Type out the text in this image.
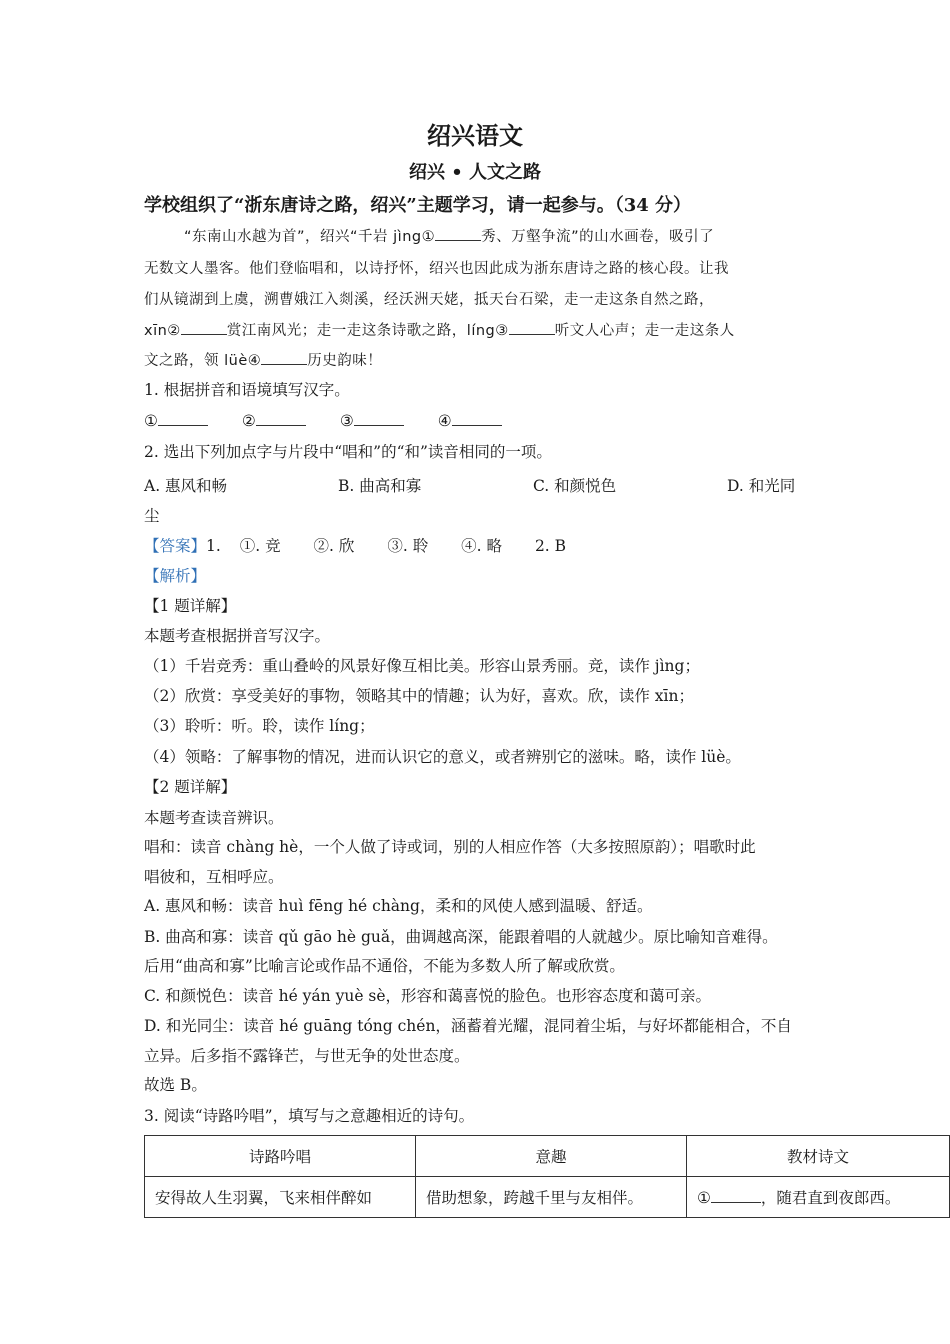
绍兴语文
绍兴 • 人文之路
学校组织了“浙东唐诗之路，绍兴”主题学习，请一起参与。（34 分）
“东南山水越为首”，绍兴“千岩 jìng①	秀、万壑争流”的山水画卷，吸引了
无数文人墨客。他们登临唱和，以诗抒怀，绍兴也因此成为浙东唐诗之路的核心段。让我
们从镜湖到上虞，溯曹娥江入剡溪，经沃洲天姥，抵天台石梁，走一走这条自然之路，
xīn②	赏江南风光；走一走这条诗歌之路，líng③	听文人心声；走一走这条人
文之路，领 lüè④	历史韵味！
1. 根据拼音和语境填写汉字。
①	②	③	④
2. 选出下列加点字与片段中“唱和”的“和”读音相同的一项。
A. 惠风和畅	B. 曲高和寡	C. 和颜悦色	D. 和光同
尘
【答案】1. ①. 竞 ②. 欣 ③. 聆 ④. 略 2. B
【解析】
【1 题详解】
本题考查根据拼音写汉字。
（1）千岩竞秀：重山叠岭的风景好像互相比美。形容山景秀丽。竞，读作 jìng；
（2）欣赏：享受美好的事物，领略其中的情趣；认为好，喜欢。欣，读作 xīn；
（3）聆听：听。聆，读作 líng；
（4）领略：了解事物的情况，进而认识它的意义，或者辨别它的滋味。略，读作 lüè。
【2 题详解】
本题考查读音辨识。
唱和：读音 chàng hè，一个人做了诗或词，别的人相应作答（大多按照原韵）；唱歌时此
唱彼和，互相呼应。
A. 惠风和畅：读音 huì fēng hé chàng，柔和的风使人感到温暖、舒适。
B. 曲高和寡：读音 qǔ gāo hè guǎ，曲调越高深，能跟着唱的人就越少。原比喻知音难得。
后用“曲高和寡”比喻言论或作品不通俗，不能为多数人所了解或欣赏。
C. 和颜悦色：读音 hé yán yuè sè，形容和蔼喜悦的脸色。也形容态度和蔼可亲。
D. 和光同尘：读音 hé guāng tóng chén，涵蓄着光耀，混同着尘垢，与好坏都能相合，不自
立异。后多指不露锋芒，与世无争的处世态度。
故选 B。
3. 阅读“诗路吟唱”，填写与之意趣相近的诗句。
诗路吟唱	意趣	教材诗文
安得故人生羽翼，飞来相伴醉如	借助想象，跨越千里与友相伴。	① ，随君直到夜郎西。
